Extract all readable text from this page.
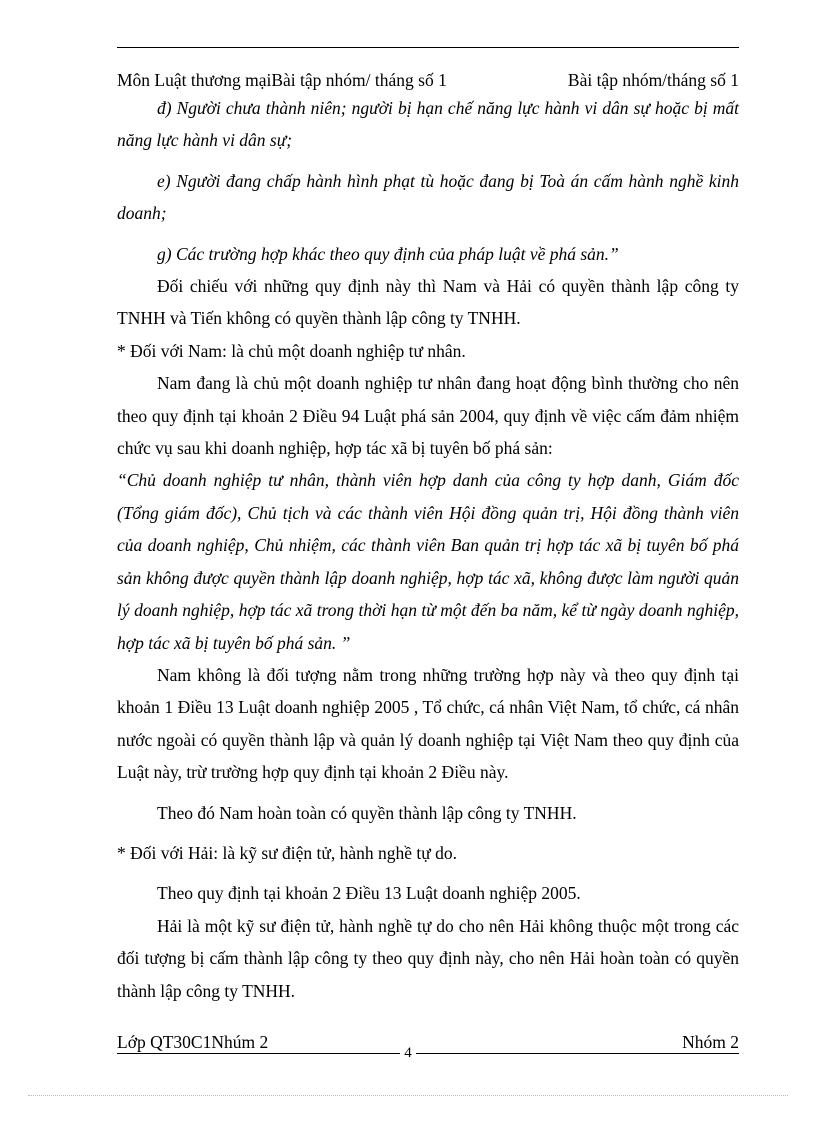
Môn Luật thương mạiBài tập nhóm/ tháng số 1	Bài tập nhóm/tháng số 1

đ) Người chưa thành niên; người bị hạn chế năng lực hành vi dân sự hoặc bị mất năng lực hành vi dân sự;

e) Người đang chấp hành hình phạt tù hoặc đang bị Toà án cấm hành nghề kinh doanh;

g) Các trường hợp khác theo quy định của pháp luật về phá sản.”

Đối chiếu với những quy định này thì Nam và Hải có quyền thành lập công ty TNHH và Tiến không có quyền thành lập công ty TNHH.

* Đối với Nam: là chủ một doanh nghiệp tư nhân.

Nam đang là chủ một doanh nghiệp tư nhân đang hoạt động bình thường cho nên theo quy định tại khoản 2 Điều 94 Luật phá sản 2004, quy định về việc cấm đảm nhiệm chức vụ sau khi doanh nghiệp, hợp tác xã bị tuyên bố phá sản:

“Chủ doanh nghiệp tư nhân, thành viên hợp danh của công ty hợp danh, Giám đốc (Tổng giám đốc), Chủ tịch và các thành viên Hội đồng quản trị, Hội đồng thành viên của doanh nghiệp, Chủ nhiệm, các thành viên Ban quản trị hợp tác xã bị tuyên bố phá sản không được quyền thành lập doanh nghiệp, hợp tác xã, không được làm người quản lý doanh nghiệp, hợp tác xã trong thời hạn từ một đến ba năm, kể từ ngày doanh nghiệp, hợp tác xã bị tuyên bố phá sản. ”

Nam không là đối tượng nằm trong những trường hợp này và theo quy định tại khoản 1 Điều 13 Luật doanh nghiệp 2005 , Tổ chức, cá nhân Việt Nam, tổ chức, cá nhân nước ngoài có quyền thành lập và quản lý doanh nghiệp tại Việt Nam theo quy định của Luật này, trừ trường hợp quy định tại khoản 2 Điều này.

Theo đó Nam hoàn toàn có quyền thành lập công ty TNHH.

* Đối với Hải: là kỹ sư điện tử, hành nghề tự do.

Theo quy định tại khoản 2 Điều 13 Luật doanh nghiệp 2005.

Hải là một kỹ sư điện tử, hành nghề tự do cho nên Hải không thuộc một trong các đối tượng bị cấm thành lập công ty theo quy định này, cho nên Hải hoàn toàn có quyền thành lập công ty TNHH.

Lớp QT30C1Nhúm 2	Nhóm 2
4
